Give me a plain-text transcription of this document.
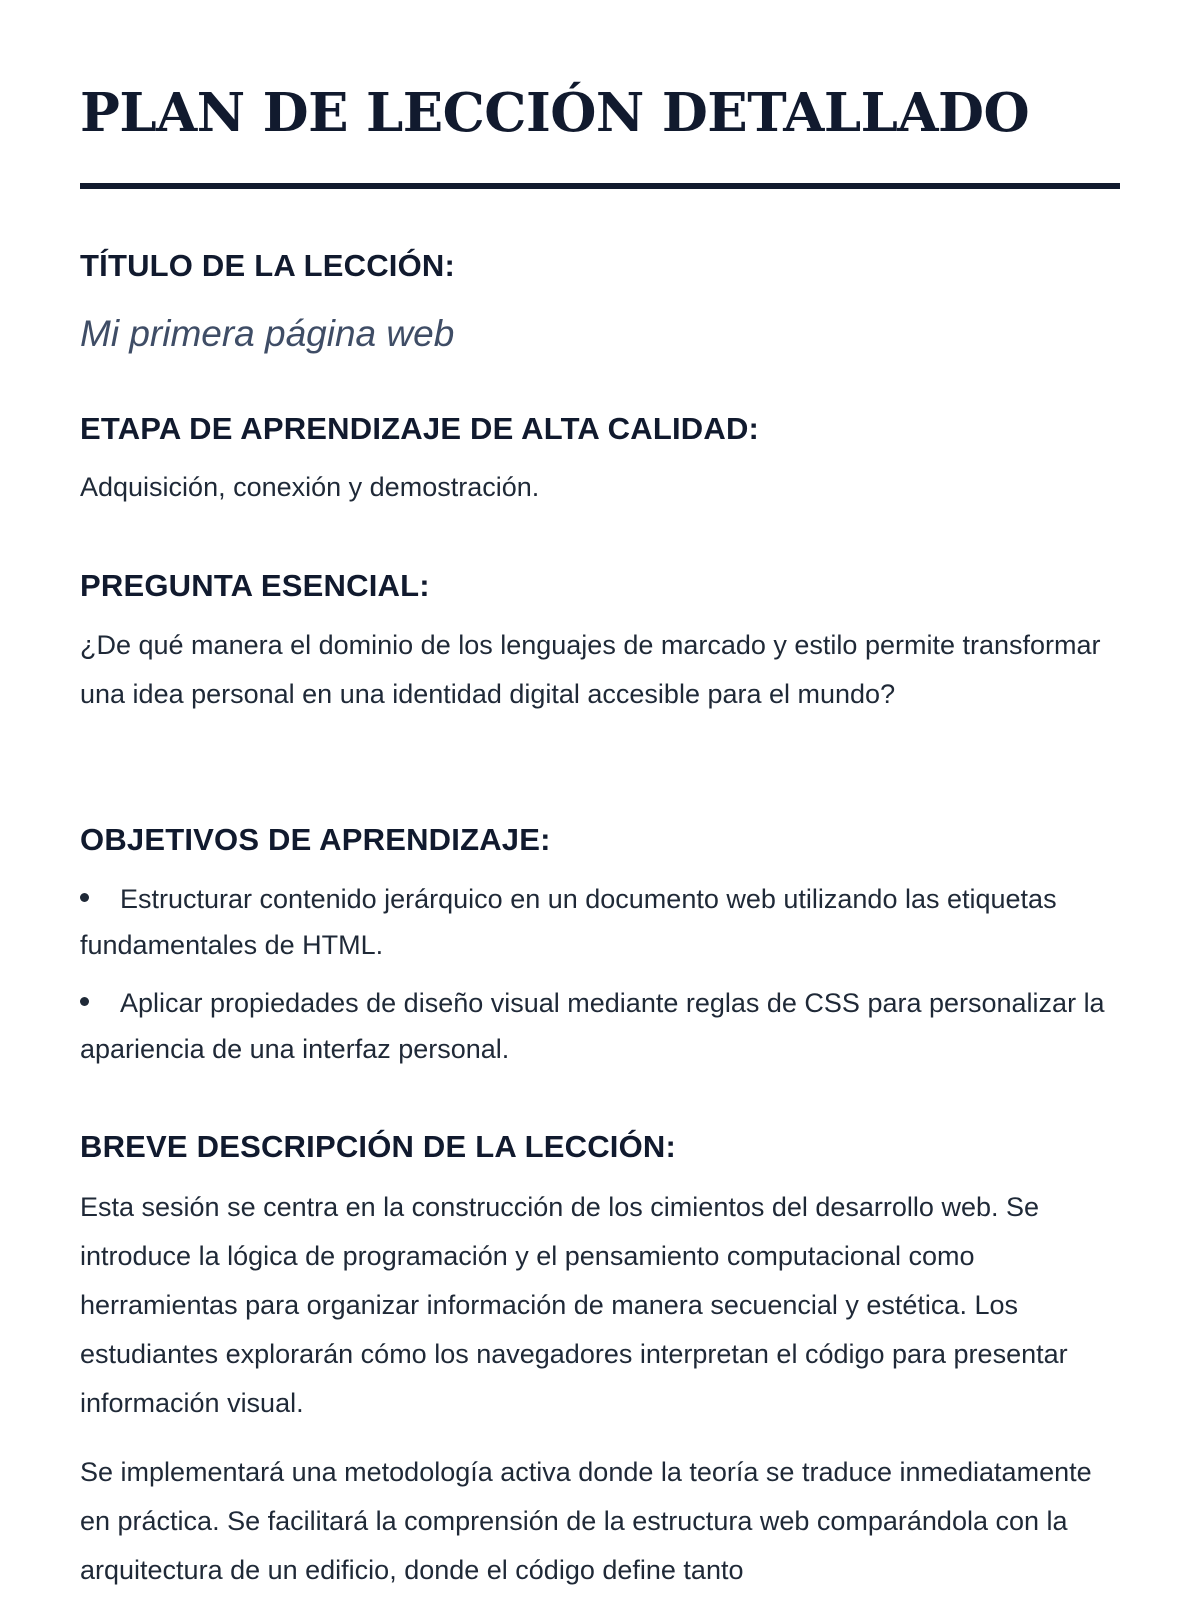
PLAN DE LECCIÓN DETALLADO
TÍTULO DE LA LECCIÓN:

Mi primera página web

ETAPA DE APRENDIZAJE DE ALTA CALIDAD:

Adquisición, conexión y demostración.

PREGUNTA ESENCIAL:

¿De qué manera el dominio de los lenguajes de marcado y estilo permite transformar una idea personal en una identidad digital accesible para el mundo?

OBJETIVOS DE APRENDIZAJE:
Estructurar contenido jerárquico en un documento web utilizando las etiquetas fundamentales de HTML.
Aplicar propiedades de diseño visual mediante reglas de CSS para personalizar la apariencia de una interfaz personal.
BREVE DESCRIPCIÓN DE LA LECCIÓN:

Esta sesión se centra en la construcción de los cimientos del desarrollo web. Se introduce la lógica de programación y el pensamiento computacional como herramientas para organizar información de manera secuencial y estética. Los estudiantes explorarán cómo los navegadores interpretan el código para presentar información visual.

Se implementará una metodología activa donde la teoría se traduce inmediatamente en práctica. Se facilitará la comprensión de la estructura web comparándola con la arquitectura de un edificio, donde el código define tanto
